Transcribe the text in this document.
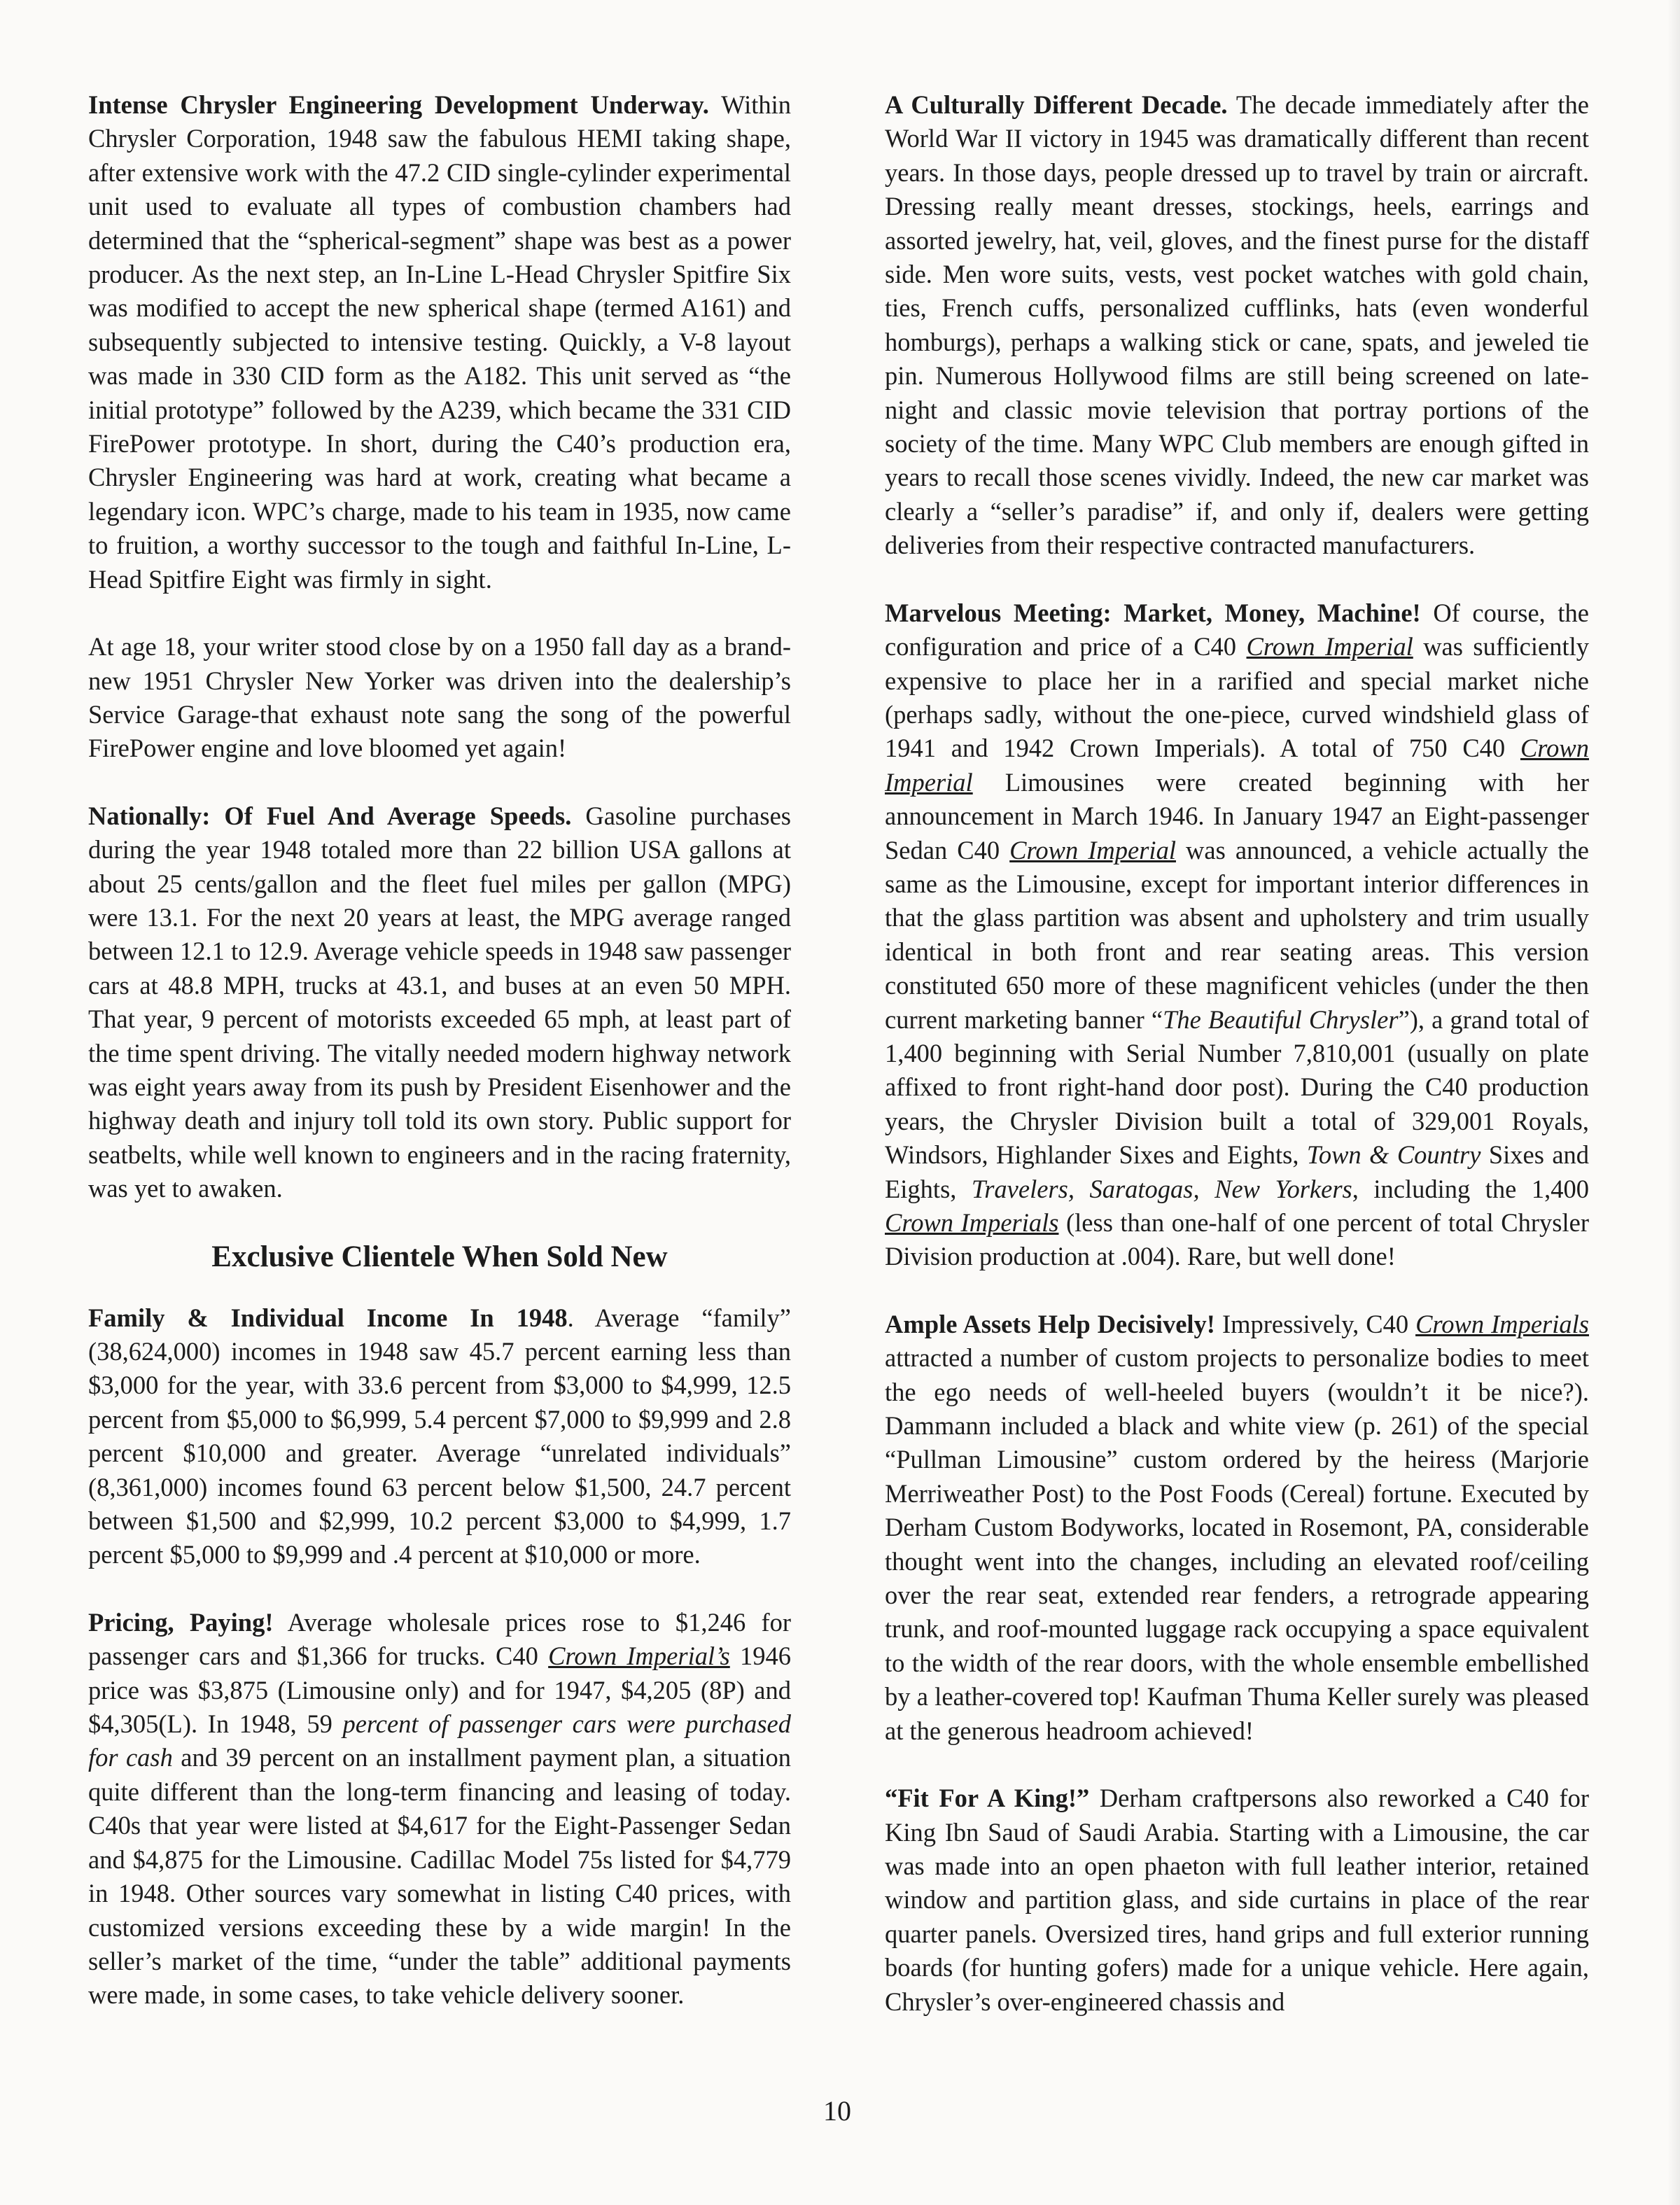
Intense Chrysler Engineering Development Underway. Within Chrysler Corporation, 1948 saw the fabulous HEMI taking shape, after extensive work with the 47.2 CID single-cylinder experimental unit used to evaluate all types of combustion chambers had determined that the “spherical-segment” shape was best as a power producer. As the next step, an In-Line L-Head Chrysler Spitfire Six was modified to accept the new spherical shape (termed A161) and subsequently subjected to intensive testing. Quickly, a V-8 layout was made in 330 CID form as the A182. This unit served as “the initial prototype” followed by the A239, which became the 331 CID FirePower prototype. In short, during the C40’s production era, Chrysler Engineering was hard at work, creating what became a legendary icon. WPC’s charge, made to his team in 1935, now came to fruition, a worthy successor to the tough and faithful In-Line, L-Head Spitfire Eight was firmly in sight.

At age 18, your writer stood close by on a 1950 fall day as a brand-new 1951 Chrysler New Yorker was driven into the dealership’s Service Garage-that exhaust note sang the song of the powerful FirePower engine and love bloomed yet again!

Nationally: Of Fuel And Average Speeds. Gasoline purchases during the year 1948 totaled more than 22 billion USA gallons at about 25 cents/gallon and the fleet fuel miles per gallon (MPG) were 13.1. For the next 20 years at least, the MPG average ranged between 12.1 to 12.9. Average vehicle speeds in 1948 saw passenger cars at 48.8 MPH, trucks at 43.1, and buses at an even 50 MPH. That year, 9 percent of motorists exceeded 65 mph, at least part of the time spent driving. The vitally needed modern highway network was eight years away from its push by President Eisenhower and the highway death and injury toll told its own story. Public support for seatbelts, while well known to engineers and in the racing fraternity, was yet to awaken.

Exclusive Clientele When Sold New

Family & Individual Income In 1948. Average “family” (38,624,000) incomes in 1948 saw 45.7 percent earning less than $3,000 for the year, with 33.6 percent from $3,000 to $4,999, 12.5 percent from $5,000 to $6,999, 5.4 percent $7,000 to $9,999 and 2.8 percent $10,000 and greater. Average “unrelated individuals” (8,361,000) incomes found 63 percent below $1,500, 24.7 percent between $1,500 and $2,999, 10.2 percent $3,000 to $4,999, 1.7 percent $5,000 to $9,999 and .4 percent at $10,000 or more.

Pricing, Paying! Average wholesale prices rose to $1,246 for passenger cars and $1,366 for trucks. C40 Crown Imperial’s 1946 price was $3,875 (Limousine only) and for 1947, $4,205 (8P) and $4,305(L). In 1948, 59 percent of passenger cars were purchased for cash and 39 percent on an installment payment plan, a situation quite different than the long-term financing and leasing of today. C40s that year were listed at $4,617 for the Eight-Passenger Sedan and $4,875 for the Limousine. Cadillac Model 75s listed for $4,779 in 1948. Other sources vary somewhat in listing C40 prices, with customized versions exceeding these by a wide margin! In the seller’s market of the time, “under the table” additional payments were made, in some cases, to take vehicle delivery sooner.

A Culturally Different Decade. The decade immediately after the World War II victory in 1945 was dramatically different than recent years. In those days, people dressed up to travel by train or aircraft. Dressing really meant dresses, stockings, heels, earrings and assorted jewelry, hat, veil, gloves, and the finest purse for the distaff side. Men wore suits, vests, vest pocket watches with gold chain, ties, French cuffs, personalized cufflinks, hats (even wonderful homburgs), perhaps a walking stick or cane, spats, and jeweled tie pin. Numerous Hollywood films are still being screened on late-night and classic movie television that portray portions of the society of the time. Many WPC Club members are enough gifted in years to recall those scenes vividly. Indeed, the new car market was clearly a “seller’s paradise” if, and only if, dealers were getting deliveries from their respective contracted manufacturers.

Marvelous Meeting: Market, Money, Machine! Of course, the configuration and price of a C40 Crown Imperial was sufficiently expensive to place her in a rarified and special market niche (perhaps sadly, without the one-piece, curved windshield glass of 1941 and 1942 Crown Imperials). A total of 750 C40 Crown Imperial Limousines were created beginning with her announcement in March 1946. In January 1947 an Eight-passenger Sedan C40 Crown Imperial was announced, a vehicle actually the same as the Limousine, except for important interior differences in that the glass partition was absent and upholstery and trim usually identical in both front and rear seating areas. This version constituted 650 more of these magnificent vehicles (under the then current marketing banner “The Beautiful Chrysler”), a grand total of 1,400 beginning with Serial Number 7,810,001 (usually on plate affixed to front right-hand door post). During the C40 production years, the Chrysler Division built a total of 329,001 Royals, Windsors, Highlander Sixes and Eights, Town & Country Sixes and Eights, Travelers, Saratogas, New Yorkers, including the 1,400 Crown Imperials (less than one-half of one percent of total Chrysler Division production at .004). Rare, but well done!

Ample Assets Help Decisively! Impressively, C40 Crown Imperials attracted a number of custom projects to personalize bodies to meet the ego needs of well-heeled buyers (wouldn’t it be nice?). Dammann included a black and white view (p. 261) of the special “Pullman Limousine” custom ordered by the heiress (Marjorie Merriweather Post) to the Post Foods (Cereal) fortune. Executed by Derham Custom Bodyworks, located in Rosemont, PA, considerable thought went into the changes, including an elevated roof/ceiling over the rear seat, extended rear fenders, a retrograde appearing trunk, and roof-mounted luggage rack occupying a space equivalent to the width of the rear doors, with the whole ensemble embellished by a leather-covered top! Kaufman Thuma Keller surely was pleased at the generous headroom achieved!

“Fit For A King!” Derham craftpersons also reworked a C40 for King Ibn Saud of Saudi Arabia. Starting with a Limousine, the car was made into an open phaeton with full leather interior, retained window and partition glass, and side curtains in place of the rear quarter panels. Oversized tires, hand grips and full exterior running boards (for hunting gofers) made for a unique vehicle. Here again, Chrysler’s over-engineered chassis and

10
